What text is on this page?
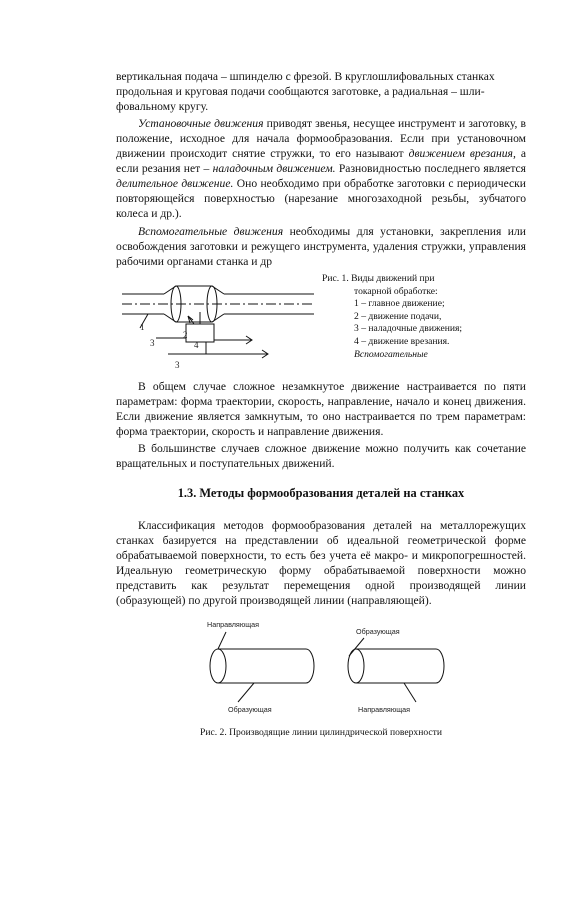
вертикальная подача – шпинделю с фрезой. В круглошлифовальных станках
продольная и круговая подачи сообщаются заготовке, а радиальная – шли-
фовальному кругу.

Установочные движения приводят звенья, несущее инструмент и заготовку, в положение, исходное для начала формообразования. Если при установочном движении происходит снятие стружки, то его называют движением врезания, а если резания нет – наладочным движением. Разновидностью последнего является делительное движение. Оно необходимо при обработке заготовки с периодически повторяющейся поверхностью (нарезание многозаходной резьбы, зубчатого колеса и др.).

Вспомогательные движения необходимы для установки, закрепления или освобождения заготовки и режущего инструмента, удаления стружки, управления рабочими органами станка и др

1
2
3	4
3
Рис. 1. Виды движений при
токарной обработке:
1 – главное движение;
2 – движение подачи,
3 – наладочные движения;
4 – движение врезания.
Вспомогательные

В общем случае сложное незамкнутое движение настраивается по пяти параметрам: форма траектории, скорость, направление, начало и конец движения. Если движение является замкнутым, то оно настраивается по трем параметрам: форма траектории, скорость и направление движения.

В большинстве случаев сложное движение можно получить как сочетание вращательных и поступательных движений.

1.3. Методы формообразования деталей на станках

Классификация методов формообразования деталей на металлорежущих станках базируется на представлении об идеальной геометрической форме обрабатываемой поверхности, то есть без учета её макро- и микропогрешностей. Идеальную геометрическую форму обрабатываемой поверхности можно представить как результат перемещения одной производящей линии (образующей) по другой производящей линии (направляющей).

Направляющая
Образующая
Образующая
Направляющая
Рис. 2. Производящие линии цилиндрической поверхности
